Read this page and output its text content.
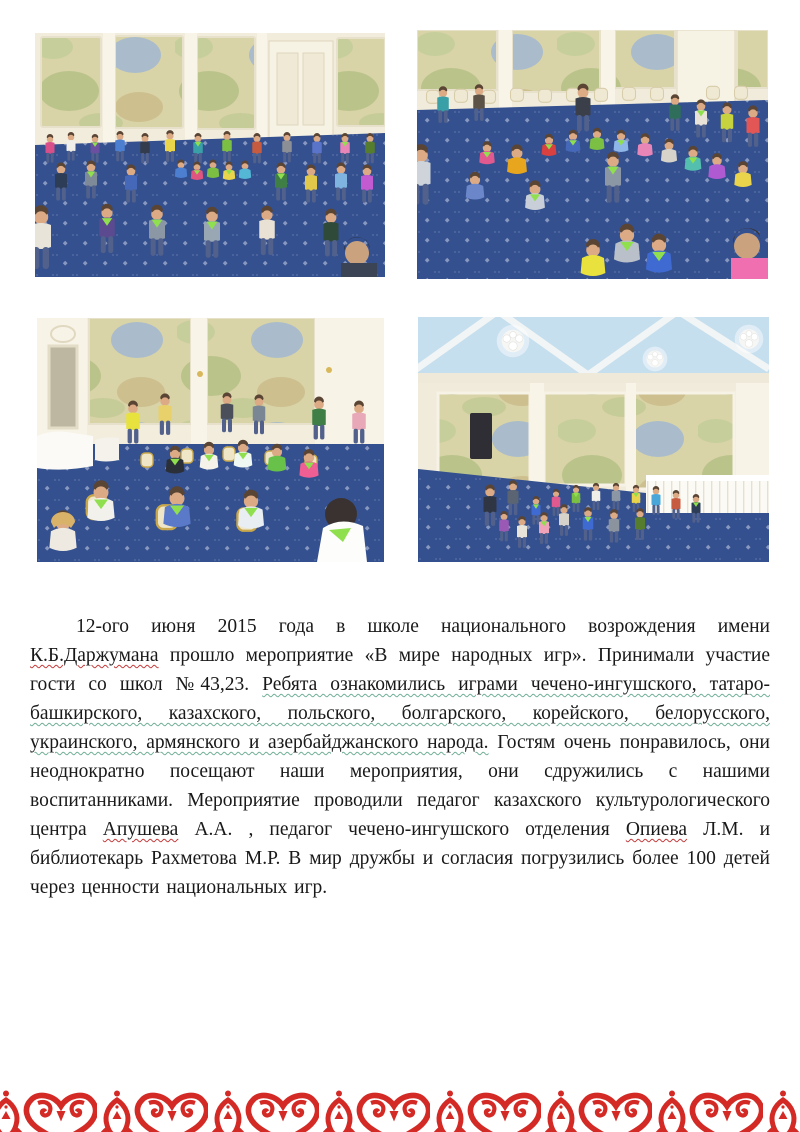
12-ого июня 2015 года в школе национального возрождения имени К.Б.Даржумана прошло мероприятие «В мире народных игр». Принимали участие гости со школ №43,23. Ребята ознакомились играми чечено-ингушского, татаро-башкирского, казахского, польского, болгарского, корейского, белорусского, украинского, армянского и азербайджанского народа. Гостям очень понравилось, они неоднократно посещают наши мероприятия, они сдружились с нашими воспитанниками. Мероприятие проводили педагог казахского культурологического центра Апушева А.А. , педагог чечено-ингушского отделения Опиева Л.М. и библиотекарь Рахметова М.Р. В мир дружбы и согласия погрузились более 100 детей через ценности национальных игр.
